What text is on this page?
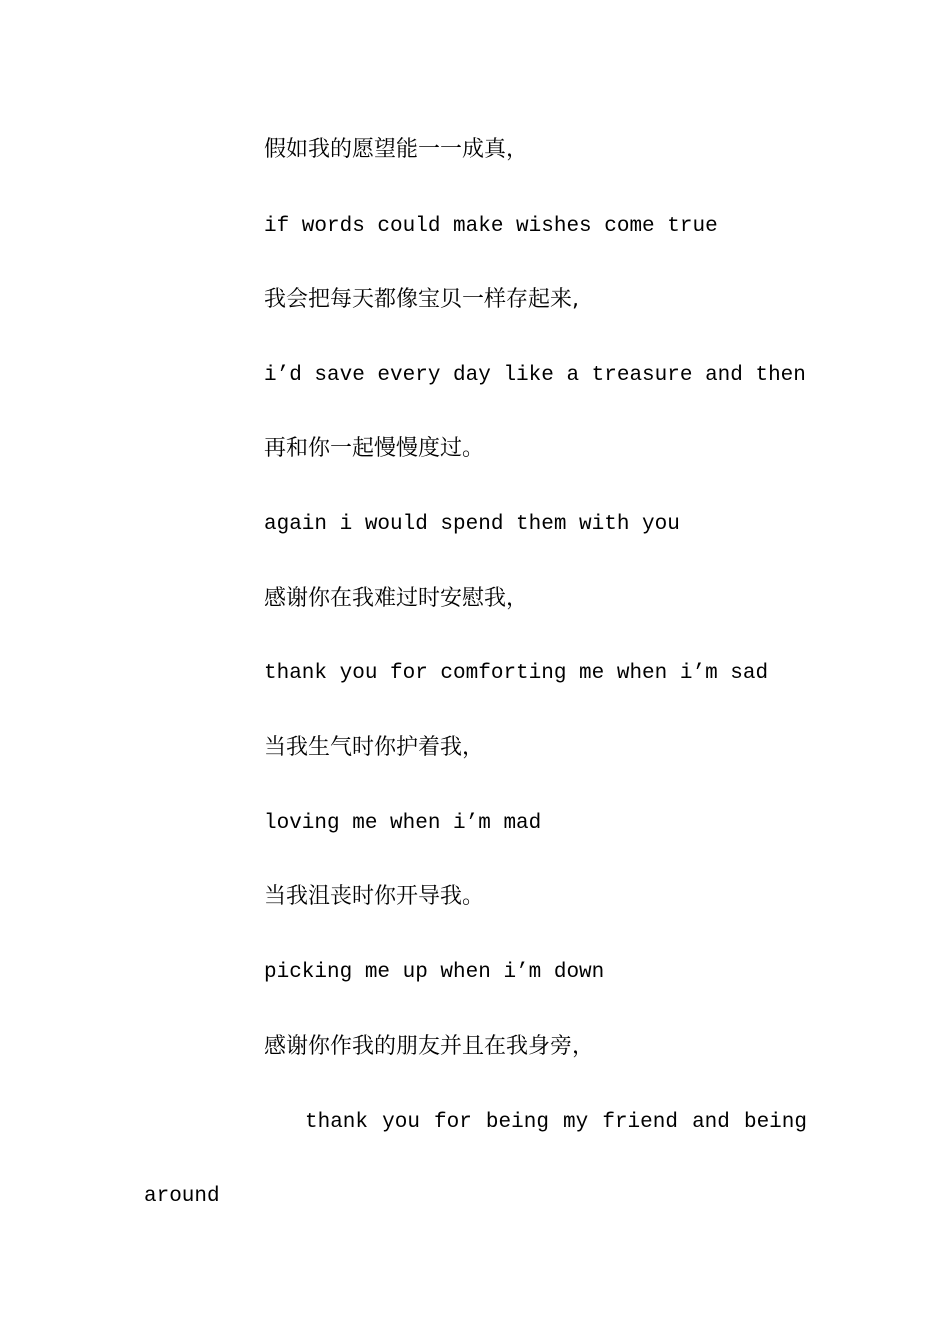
假如我的愿望能一一成真，
if words could make wishes come true
我会把每天都像宝贝一样存起来,
i’d save every day like a treasure and then
再和你一起慢慢度过。
again i would spend them with you
感谢你在我难过时安慰我，
thank you for comforting me when i’m sad
当我生气时你护着我，
loving me when i’m mad
当我沮丧时你开导我。
picking me up when i’m down
感谢你作我的朋友并且在我身旁，
thank you for being my friend and being
around
